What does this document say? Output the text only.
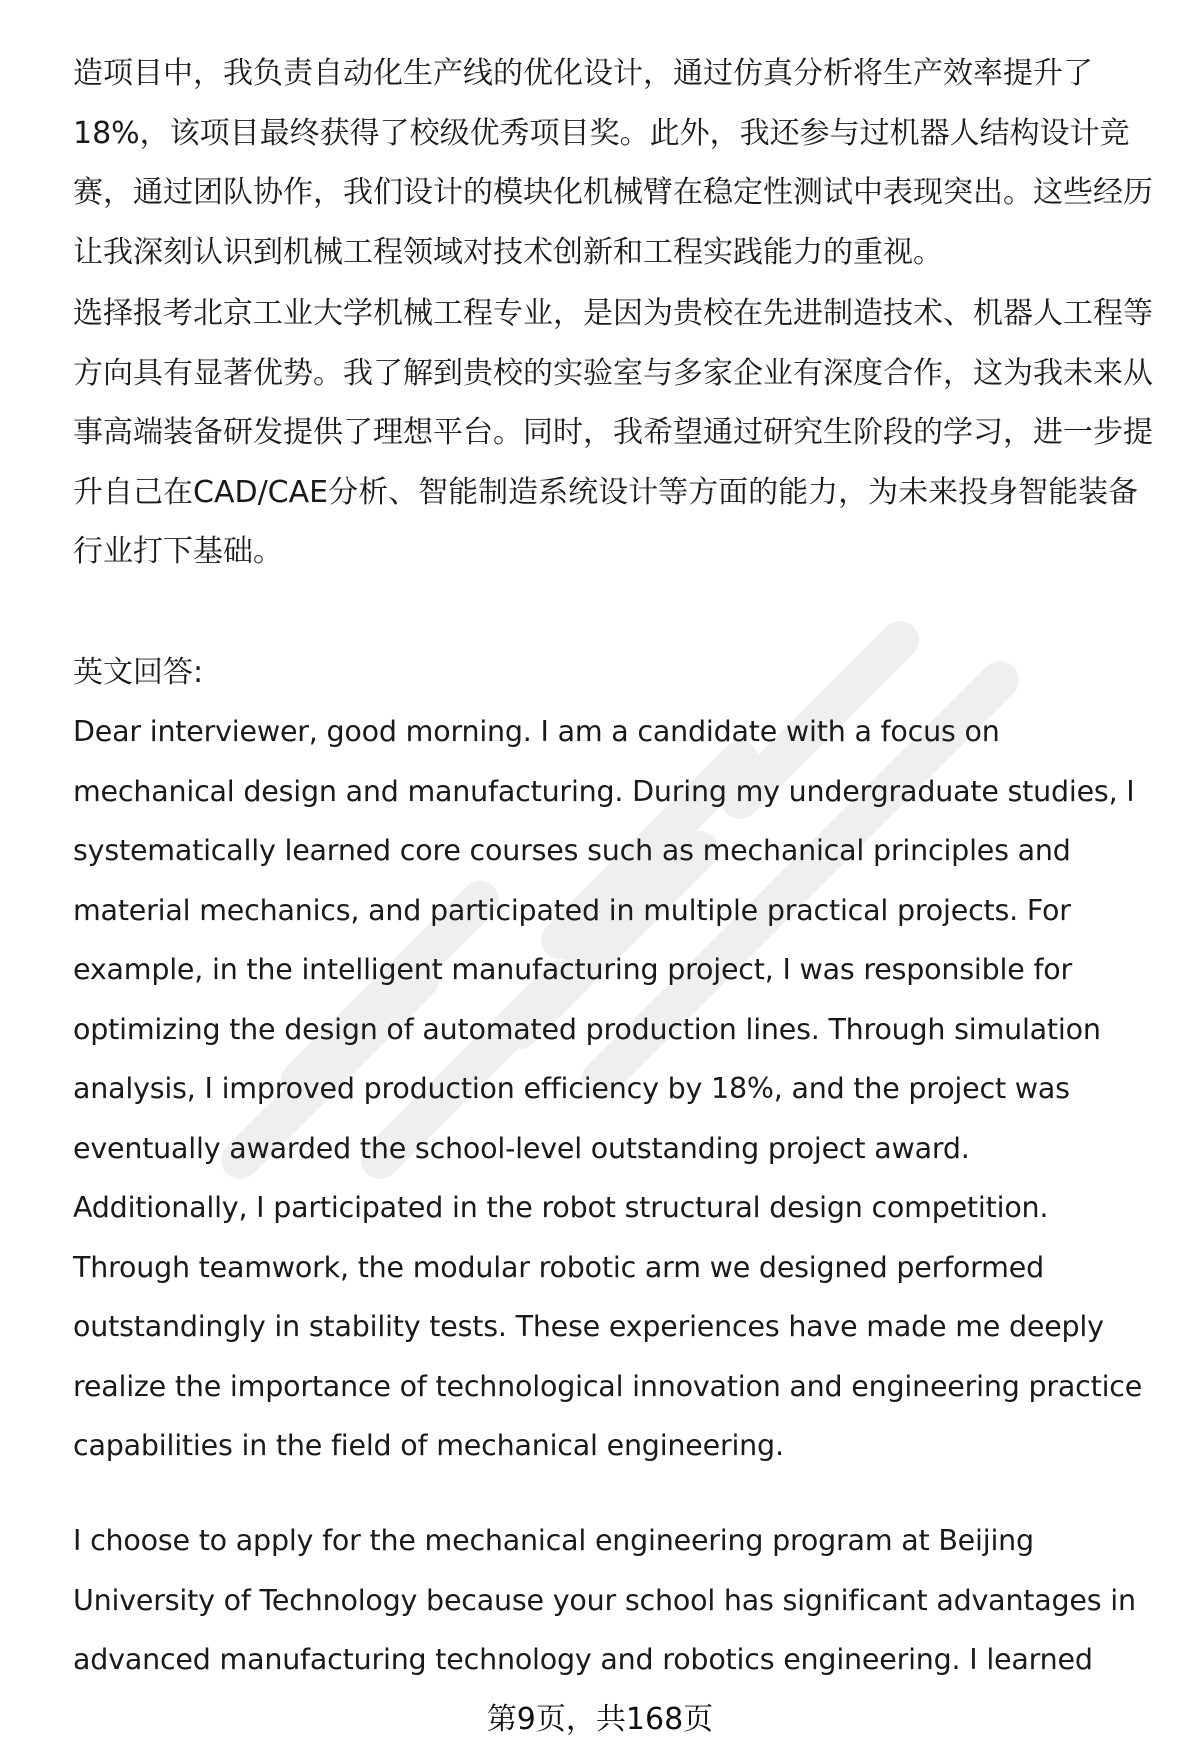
造项目中，我负责自动化生产线的优化设计，通过仿真分析将生产效率提升了
18%，该项目最终获得了校级优秀项目奖。此外，我还参与过机器人结构设计竞
赛，通过团队协作，我们设计的模块化机械臂在稳定性测试中表现突出。这些经历
让我深刻认识到机械工程领域对技术创新和工程实践能力的重视。
选择报考北京工业大学机械工程专业，是因为贵校在先进制造技术、机器人工程等
方向具有显著优势。我了解到贵校的实验室与多家企业有深度合作，这为我未来从
事高端装备研发提供了理想平台。同时，我希望通过研究生阶段的学习，进一步提
升自己在CAD/CAE分析、智能制造系统设计等方面的能力，为未来投身智能装备
行业打下基础。
英文回答:
Dear interviewer, good morning. I am a candidate with a focus on
mechanical design and manufacturing. During my undergraduate studies, I
systematically learned core courses such as mechanical principles and
material mechanics, and participated in multiple practical projects. For
example, in the intelligent manufacturing project, I was responsible for
optimizing the design of automated production lines. Through simulation
analysis, I improved production efficiency by 18%, and the project was
eventually awarded the school-level outstanding project award.
Additionally, I participated in the robot structural design competition.
Through teamwork, the modular robotic arm we designed performed
outstandingly in stability tests. These experiences have made me deeply
realize the importance of technological innovation and engineering practice
capabilities in the field of mechanical engineering.
I choose to apply for the mechanical engineering program at Beijing
University of Technology because your school has significant advantages in
advanced manufacturing technology and robotics engineering. I learned
第9页，共168页
